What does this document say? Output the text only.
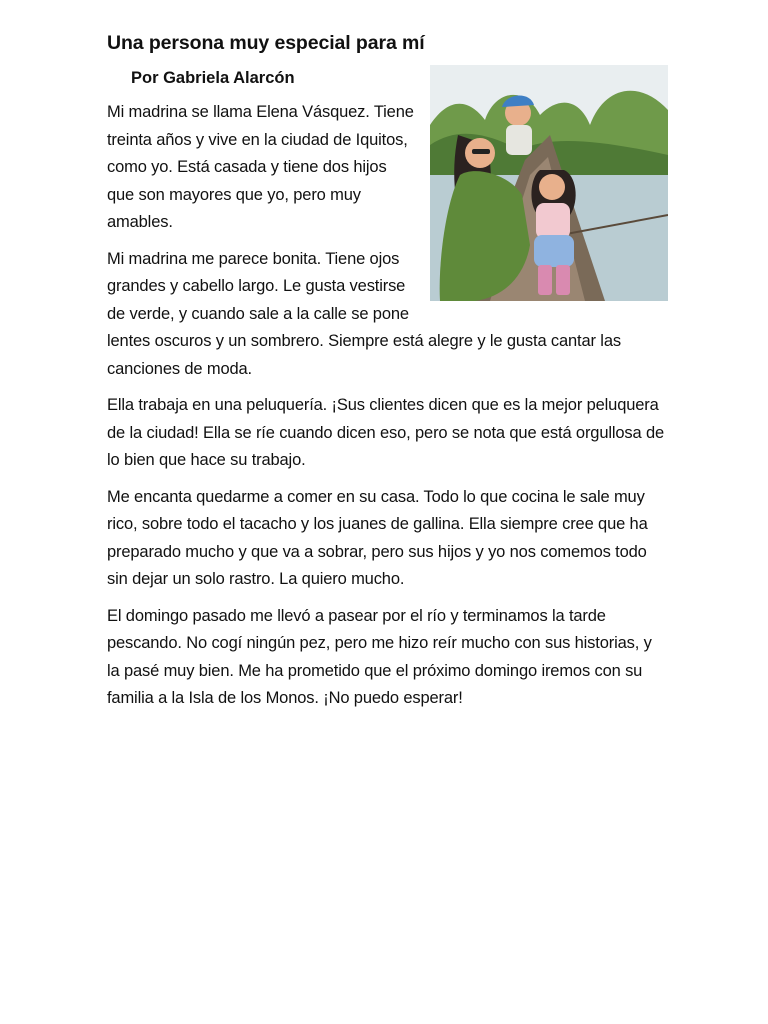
Una persona muy especial para mí
Por Gabriela Alarcón
Mi madrina se llama Elena Vásquez. Tiene treinta años y vive en la ciudad de Iquitos, como yo. Está casada y tiene dos hijos que son mayores que yo, pero muy amables.
Mi madrina me parece bonita. Tiene ojos grandes y cabello largo. Le gusta vestirse de verde, y cuando sale a la calle se pone lentes oscuros y un sombrero. Siempre está alegre y le gusta cantar las canciones de moda.
Ella trabaja en una peluquería. ¡Sus clientes dicen que es la mejor peluquera de la ciudad! Ella se ríe cuando dicen eso, pero se nota que está orgullosa de lo bien que hace su trabajo.
Me encanta quedarme a comer en su casa. Todo lo que cocina le sale muy rico, sobre todo el tacacho y los juanes de gallina. Ella siempre cree que ha preparado mucho y que va a sobrar, pero sus hijos y yo nos comemos todo sin dejar un solo rastro. La quiero mucho.
El domingo pasado me llevó a pasear por el río y terminamos la tarde pescando. No cogí ningún pez, pero me hizo reír mucho con sus historias, y la pasé muy bien. Me ha prometido que el próximo domingo iremos con su familia a la Isla de los Monos. ¡No puedo esperar!
